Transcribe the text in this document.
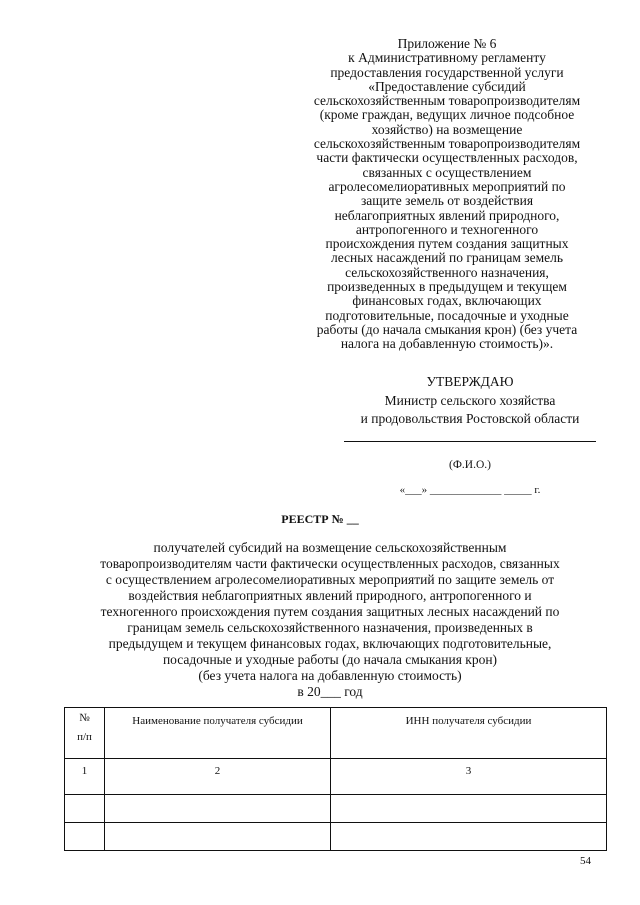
Приложение № 6
к Административному регламенту
предоставления государственной услуги
«Предоставление субсидий
сельскохозяйственным товаропроизводителям
(кроме граждан, ведущих личное подсобное
хозяйство) на возмещение
сельскохозяйственным товаропроизводителям
части фактически осуществленных расходов,
связанных с осуществлением
агролесомелиоративных мероприятий по
защите земель от воздействия
неблагоприятных явлений природного,
антропогенного и техногенного
происхождения путем создания защитных
лесных насаждений по границам земель
сельскохозяйственного назначения,
произведенных в предыдущем и текущем
финансовых годах, включающих
подготовительные, посадочные и уходные
работы (до начала смыкания крон) (без учета
налога на добавленную стоимость)».
УТВЕРЖДАЮ
Министр сельского хозяйства
и продовольствия Ростовской области
(Ф.И.О.)
«___» _____________ _____ г.
РЕЕСТР № __
получателей субсидий на возмещение сельскохозяйственным
товаропроизводителям части фактически осуществленных расходов, связанных
с осуществлением агролесомелиоративных мероприятий по защите земель от
воздействия неблагоприятных явлений природного, антропогенного и
техногенного происхождения путем создания защитных лесных насаждений по
границам земель сельскохозяйственного назначения, произведенных в
предыдущем и текущем финансовых годах, включающих подготовительные,
посадочные и уходные работы (до начала смыкания крон)
(без учета налога на добавленную стоимость)
в 20___ год
№ п/п	Наименование получателя субсидии	ИНН получателя субсидии
1	2	3

54
